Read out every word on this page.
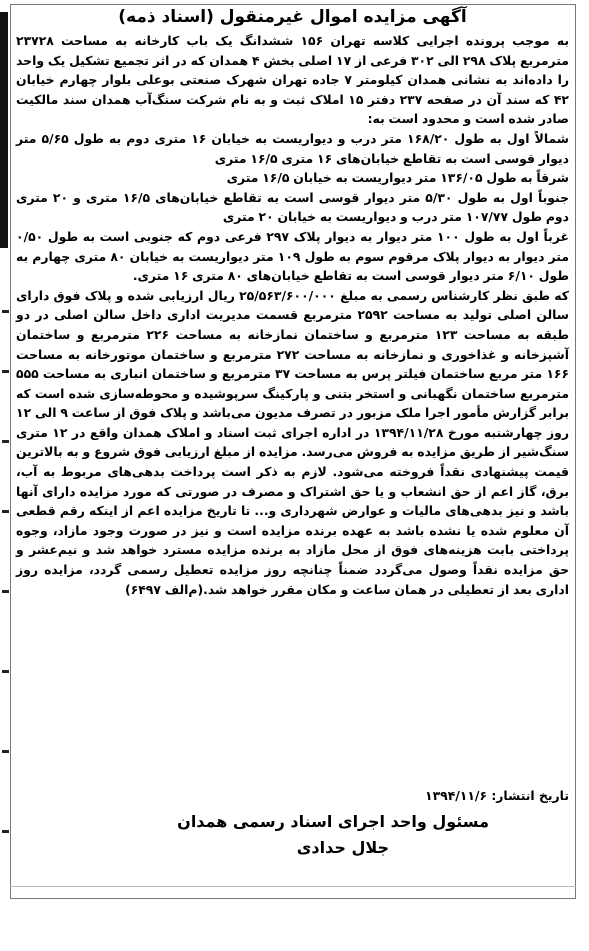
آگهی مزایده اموال غیرمنقول (اسناد ذمه)

به موجب پرونده اجرایی کلاسه تهران ۱۵۶ ششدانگ یک باب کارخانه به مساحت ۲۳۷۲۸ مترمربع پلاک ۲۹۸ الی ۳۰۲ فرعی از ۱۷ اصلی بخش ۴ همدان که در اثر تجمیع تشکیل یک واحد را داده‌اند به نشانی همدان کیلومتر ۷ جاده تهران شهرک صنعتی بوعلی بلوار چهارم خیابان ۴۲ که سند آن در صفحه ۲۳۷ دفتر ۱۵ املاک ثبت و به نام شرکت سنگ‌آب همدان سند مالکیت صادر شده است و محدود است به:

شمالاً اول به طول ۱۶۸/۲۰ متر درب و دیواریست به خیابان ۱۶ متری دوم به طول ۵/۶۵ متر دیوار قوسی است به تقاطع خیابان‌های ۱۶ متری ۱۶/۵ متری

شرقاً به طول ۱۳۶/۰۵ متر دیواریست به خیابان ۱۶/۵ متری

جنوباً اول به طول ۵/۳۰ متر دیوار قوسی است به تقاطع خیابان‌های ۱۶/۵ متری و ۲۰ متری دوم طول ۱۰۷/۷۷ متر درب و دیواریست به خیابان ۲۰ متری

غرباً اول به طول ۱۰۰ متر دیوار به دیوار پلاک ۲۹۷ فرعی دوم که جنوبی است به طول ۰/۵۰ متر دیوار به دیوار پلاک مرقوم سوم به طول ۱۰۹ متر دیواریست به خیابان ۸۰ متری چهارم به طول ۶/۱۰ متر دیوار قوسی است به تقاطع خیابان‌های ۸۰ متری ۱۶ متری.

که طبق نظر کارشناس رسمی به مبلغ ۲۵/۵۶۳/۶۰۰/۰۰۰ ریال ارزیابی شده و پلاک فوق دارای سالن اصلی تولید به مساحت ۲۵۹۲ مترمربع قسمت مدیریت اداری داخل سالن اصلی در دو طبقه به مساحت ۱۲۳ مترمربع و ساختمان نمازخانه به مساحت ۲۲۶ مترمربع و ساختمان آشپزخانه و غذاخوری و نمازخانه به مساحت ۲۷۲ مترمربع و ساختمان موتورخانه به مساحت ۱۶۶ متر مربع ساختمان فیلتر پرس به مساحت ۳۷ مترمربع و ساختمان انباری به مساحت ۵۵۵ مترمربع ساختمان نگهبانی و استخر بتنی و پارکینگ سرپوشیده و محوطه‌سازی شده است که برابر گزارش مأمور اجرا ملک مزبور در تصرف مدیون می‌باشد و پلاک فوق از ساعت ۹ الی ۱۲ روز چهارشنبه مورخ ۱۳۹۴/۱۱/۲۸ در اداره اجرای ثبت اسناد و املاک همدان واقع در ۱۲ متری سنگ‌شیر از طریق مزایده به فروش می‌رسد. مزایده از مبلغ ارزیابی فوق شروع و به بالاترین قیمت پیشنهادی نقداً فروخته می‌شود. لازم به ذکر است پرداخت بدهی‌های مربوط به آب، برق، گاز اعم از حق انشعاب و یا حق اشتراک و مصرف در صورتی که مورد مزایده دارای آنها باشد و نیز بدهی‌های مالیات و عوارض شهرداری و... تا تاریخ مزایده اعم از اینکه رقم قطعی آن معلوم شده یا نشده باشد به عهده برنده مزایده است و نیز در صورت وجود مازاد، وجوه پرداختی بابت هزینه‌های فوق از محل مازاد به برنده مزایده مسترد خواهد شد و نیم‌عشر و حق مزایده نقداً وصول می‌گردد ضمناً چنانچه روز مزایده تعطیل رسمی گردد، مزایده روز اداری بعد از تعطیلی در همان ساعت و مکان مقرر خواهد شد.(م‌الف ۶۴۹۷)

تاریخ انتشار: ۱۳۹۴/۱۱/۶
مسئول واحد اجرای اسناد رسمی همدان
جلال حدادی
